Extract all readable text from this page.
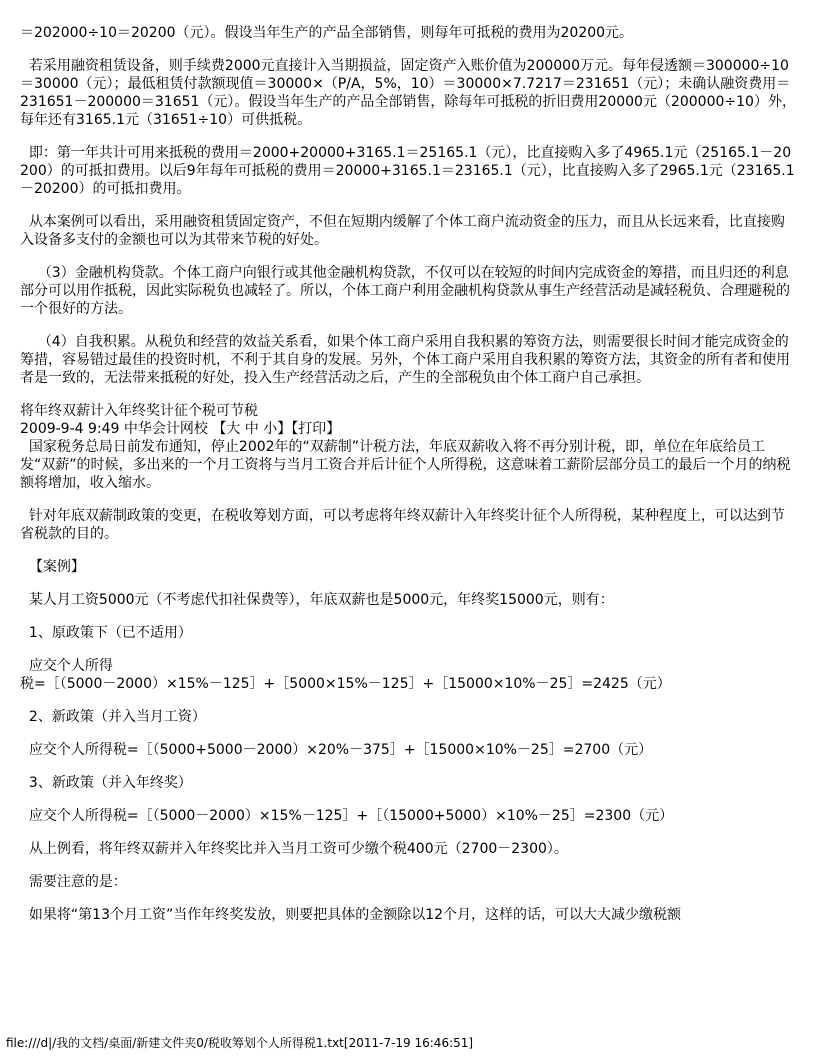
＝202000÷10＝20200（元）。假设当年生产的产品全部销售，则每年可抵税的费用为20200元。

若采用融资租赁设备，则手续费2000元直接计入当期损益，固定资产入账价值为200000万元。每年侵透额＝300000÷10＝30000（元）；最低租赁付款额现值＝30000×（P/A，5%，10）＝30000×7.7217＝231651（元）；未确认融资费用＝231651－200000＝31651（元）。假设当年生产的产品全部销售，除每年可抵税的折旧费用20000元（200000÷10）外，每年还有3165.1元（31651÷10）可供抵税。

即：第一年共计可用来抵税的费用＝2000+20000+3165.1＝25165.1（元），比直接购入多了4965.1元（25165.1－20200）的可抵扣费用。以后9年每年可抵税的费用＝20000+3165.1＝23165.1（元），比直接购入多了2965.1元（23165.1－20200）的可抵扣费用。

从本案例可以看出，采用融资租赁固定资产，不但在短期内缓解了个体工商户流动资金的压力，而且从长远来看，比直接购入设备多支付的金额也可以为其带来节税的好处。

（3）金融机构贷款。个体工商户向银行或其他金融机构贷款，不仅可以在较短的时间内完成资金的筹措，而且归还的利息部分可以用作抵税，因此实际税负也减轻了。所以，个体工商户利用金融机构贷款从事生产经营活动是减轻税负、合理避税的一个很好的方法。

（4）自我积累。从税负和经营的效益关系看，如果个体工商户采用自我积累的筹资方法，则需要很长时间才能完成资金的筹措，容易错过最佳的投资时机，不利于其自身的发展。另外，个体工商户采用自我积累的筹资方法，其资金的所有者和使用者是一致的，无法带来抵税的好处，投入生产经营活动之后，产生的全部税负由个体工商户自己承担。

将年终双薪计入年终奖计征个税可节税

2009-9-4 9:49 中华会计网校 【大 中 小】【打印】

国家税务总局日前发布通知，停止2002年的“双薪制”计税方法，年底双薪收入将不再分别计税，即，单位在年底给员工发“双薪”的时候，多出来的一个月工资将与当月工资合并后计征个人所得税，这意味着工薪阶层部分员工的最后一个月的纳税额将增加，收入缩水。

针对年底双薪制政策的变更，在税收筹划方面，可以考虑将年终双薪计入年终奖计征个人所得税，某种程度上，可以达到节省税款的目的。

【案例】

某人月工资5000元（不考虑代扣社保费等），年底双薪也是5000元，年终奖15000元，则有：

1、原政策下（已不适用）

应交个人所得
税=［（5000－2000）×15%－125］+［5000×15%－125］+［15000×10%－25］=2425（元）

2、新政策（并入当月工资）

应交个人所得税=［（5000+5000－2000）×20%－375］+［15000×10%－25］=2700（元）

3、新政策（并入年终奖）

应交个人所得税=［（5000－2000）×15%－125］+［（15000+5000）×10%－25］=2300（元）

从上例看，将年终双薪并入年终奖比并入当月工资可少缴个税400元（2700－2300）。

需要注意的是：

如果将“第13个月工资”当作年终奖发放，则要把具体的金额除以12个月，这样的话，可以大大减少缴税额

file:///d|/我的文档/桌面/新建文件夹0/税收筹划个人所得税1.txt[2011-7-19 16:46:51]
